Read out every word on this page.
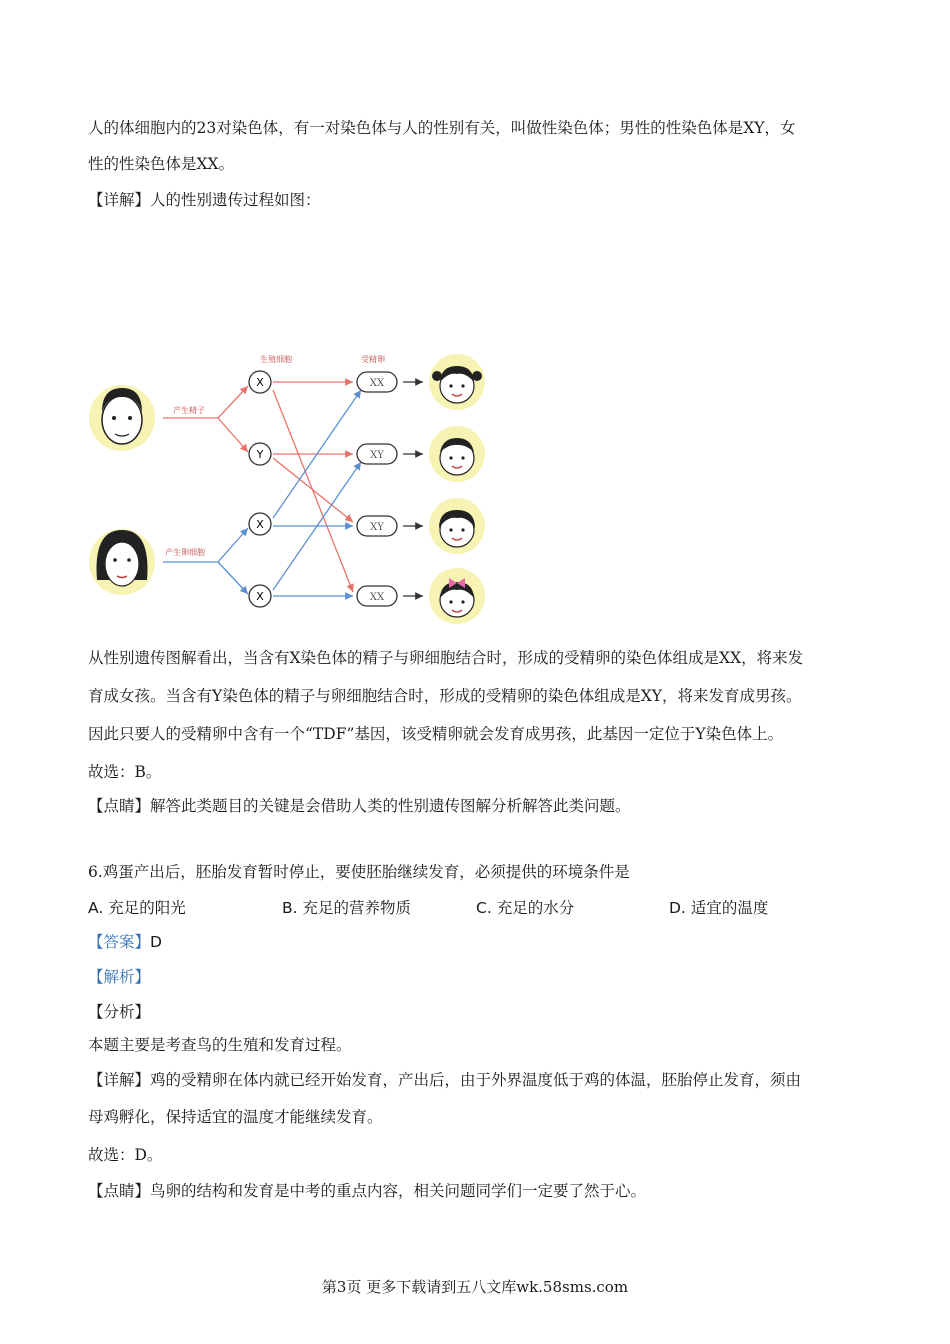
人的体细胞内的23对染色体，有一对染色体与人的性别有关，叫做性染色体；男性的性染色体是XY，女
性的性染色体是XX。
【详解】人的性别遗传过程如图：
生殖细胞	受精卵
产生精子
产生卵细胞
X
Y
X
X
XX
XY
XY
XX
从性别遗传图解看出，当含有X染色体的精子与卵细胞结合时，形成的受精卵的染色体组成是XX，将来发
育成女孩。当含有Y染色体的精子与卵细胞结合时，形成的受精卵的染色体组成是XY，将来发育成男孩。
因此只要人的受精卵中含有一个“TDF”基因，该受精卵就会发育成男孩，此基因一定位于Y染色体上。
故选：B。
【点睛】解答此类题目的关键是会借助人类的性别遗传图解分析解答此类问题。
6.鸡蛋产出后，胚胎发育暂时停止，要使胚胎继续发育，必须提供的环境条件是
A. 充足的阳光	B. 充足的营养物质	C. 充足的水分	D. 适宜的温度
【答案】D
【解析】
【分析】
本题主要是考查鸟的生殖和发育过程。
【详解】鸡的受精卵在体内就已经开始发育，产出后，由于外界温度低于鸡的体温，胚胎停止发育，须由
母鸡孵化，保持适宜的温度才能继续发育。
故选：D。
【点睛】鸟卵的结构和发育是中考的重点内容，相关问题同学们一定要了然于心。
第3页 更多下载请到五八文库wk.58sms.com
